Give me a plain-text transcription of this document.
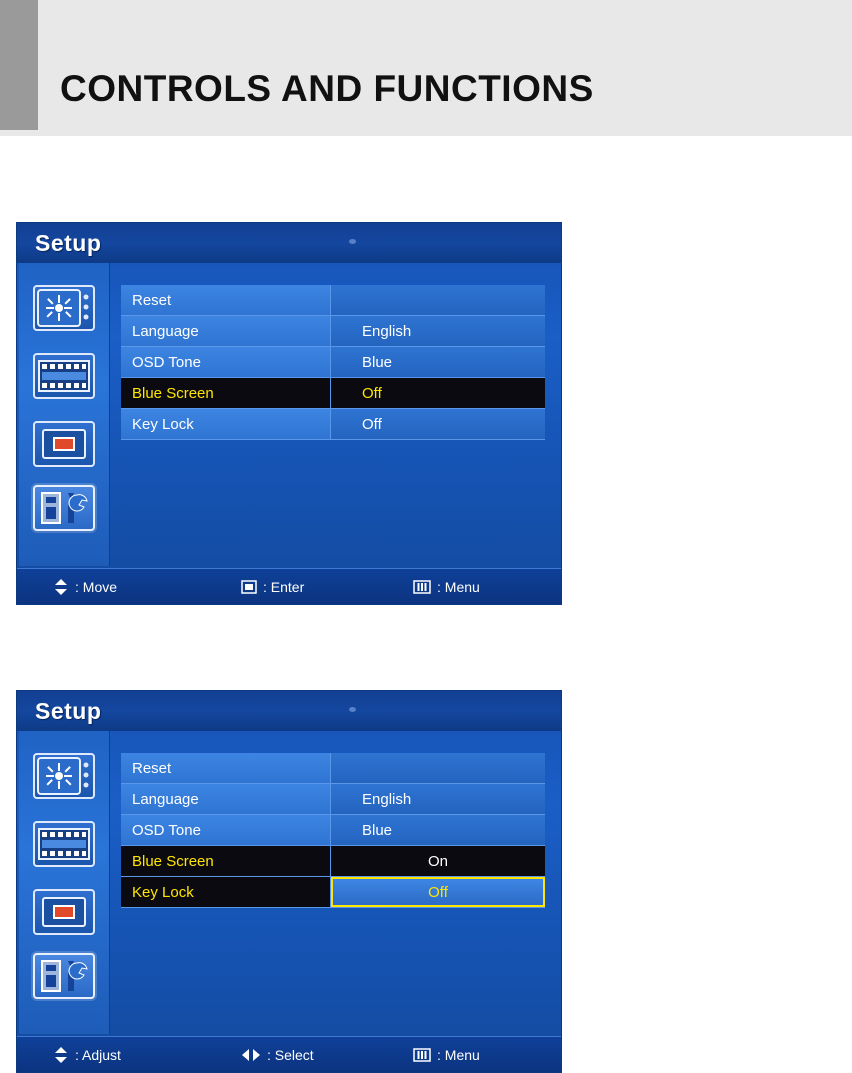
CONTROLS AND FUNCTIONS
Setup
Reset
Language	English
OSD Tone	Blue
Blue Screen	Off
Key Lock	Off
: Move	: Enter	: Menu
Setup
Reset
Language	English
OSD Tone	Blue
Blue Screen	On
Key Lock	Off
: Adjust	: Select	: Menu
